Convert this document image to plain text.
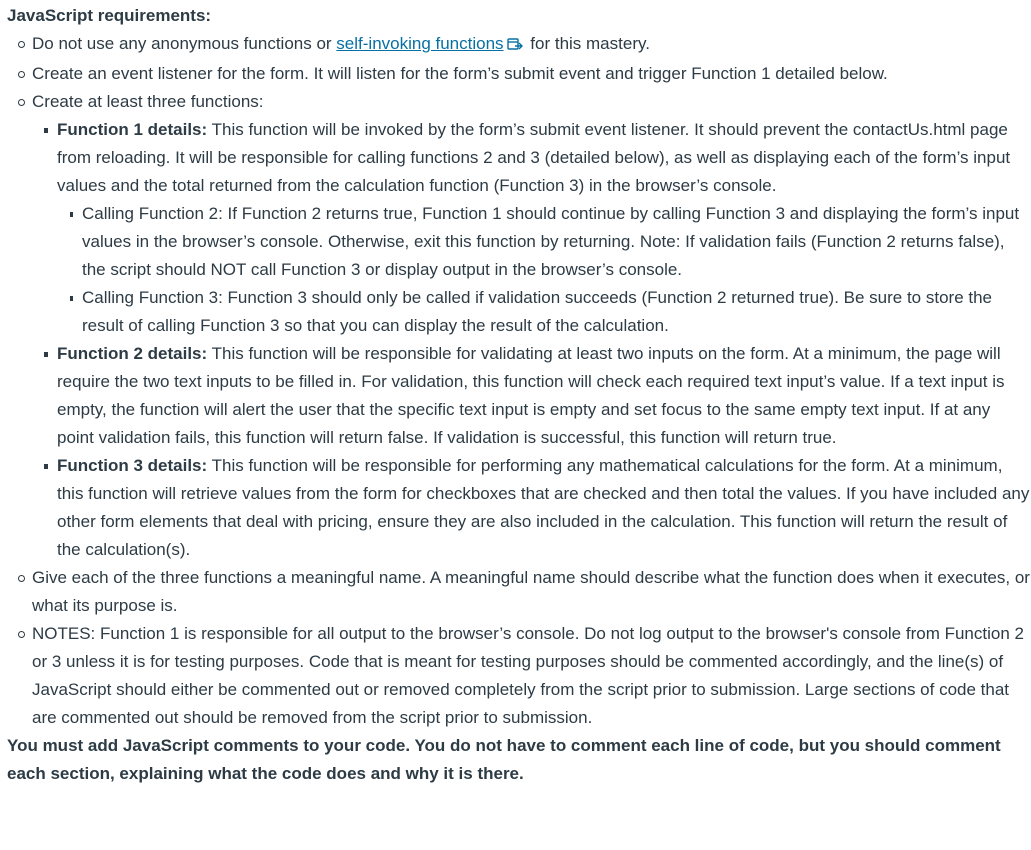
JavaScript requirements:
Do not use any anonymous functions or self-invoking functions for this mastery.
Create an event listener for the form. It will listen for the form’s submit event and trigger Function 1 detailed below.
Create at least three functions:
Function 1 details: This function will be invoked by the form’s submit event listener. It should prevent the contactUs.html page from reloading. It will be responsible for calling functions 2 and 3 (detailed below), as well as displaying each of the form’s input values and the total returned from the calculation function (Function 3) in the browser’s console.
Calling Function 2: If Function 2 returns true, Function 1 should continue by calling Function 3 and displaying the form’s input values in the browser’s console. Otherwise, exit this function by returning. Note: If validation fails (Function 2 returns false), the script should NOT call Function 3 or display output in the browser’s console.
Calling Function 3: Function 3 should only be called if validation succeeds (Function 2 returned true). Be sure to store the result of calling Function 3 so that you can display the result of the calculation.
Function 2 details: This function will be responsible for validating at least two inputs on the form. At a minimum, the page will require the two text inputs to be filled in. For validation, this function will check each required text input’s value. If a text input is empty, the function will alert the user that the specific text input is empty and set focus to the same empty text input. If at any point validation fails, this function will return false. If validation is successful, this function will return true.
Function 3 details: This function will be responsible for performing any mathematical calculations for the form. At a minimum, this function will retrieve values from the form for checkboxes that are checked and then total the values. If you have included any other form elements that deal with pricing, ensure they are also included in the calculation. This function will return the result of the calculation(s).
Give each of the three functions a meaningful name. A meaningful name should describe what the function does when it executes, or what its purpose is.
NOTES: Function 1 is responsible for all output to the browser’s console. Do not log output to the browser's console from Function 2 or 3 unless it is for testing purposes. Code that is meant for testing purposes should be commented accordingly, and the line(s) of JavaScript should either be commented out or removed completely from the script prior to submission. Large sections of code that are commented out should be removed from the script prior to submission.
You must add JavaScript comments to your code. You do not have to comment each line of code, but you should comment each section, explaining what the code does and why it is there.
